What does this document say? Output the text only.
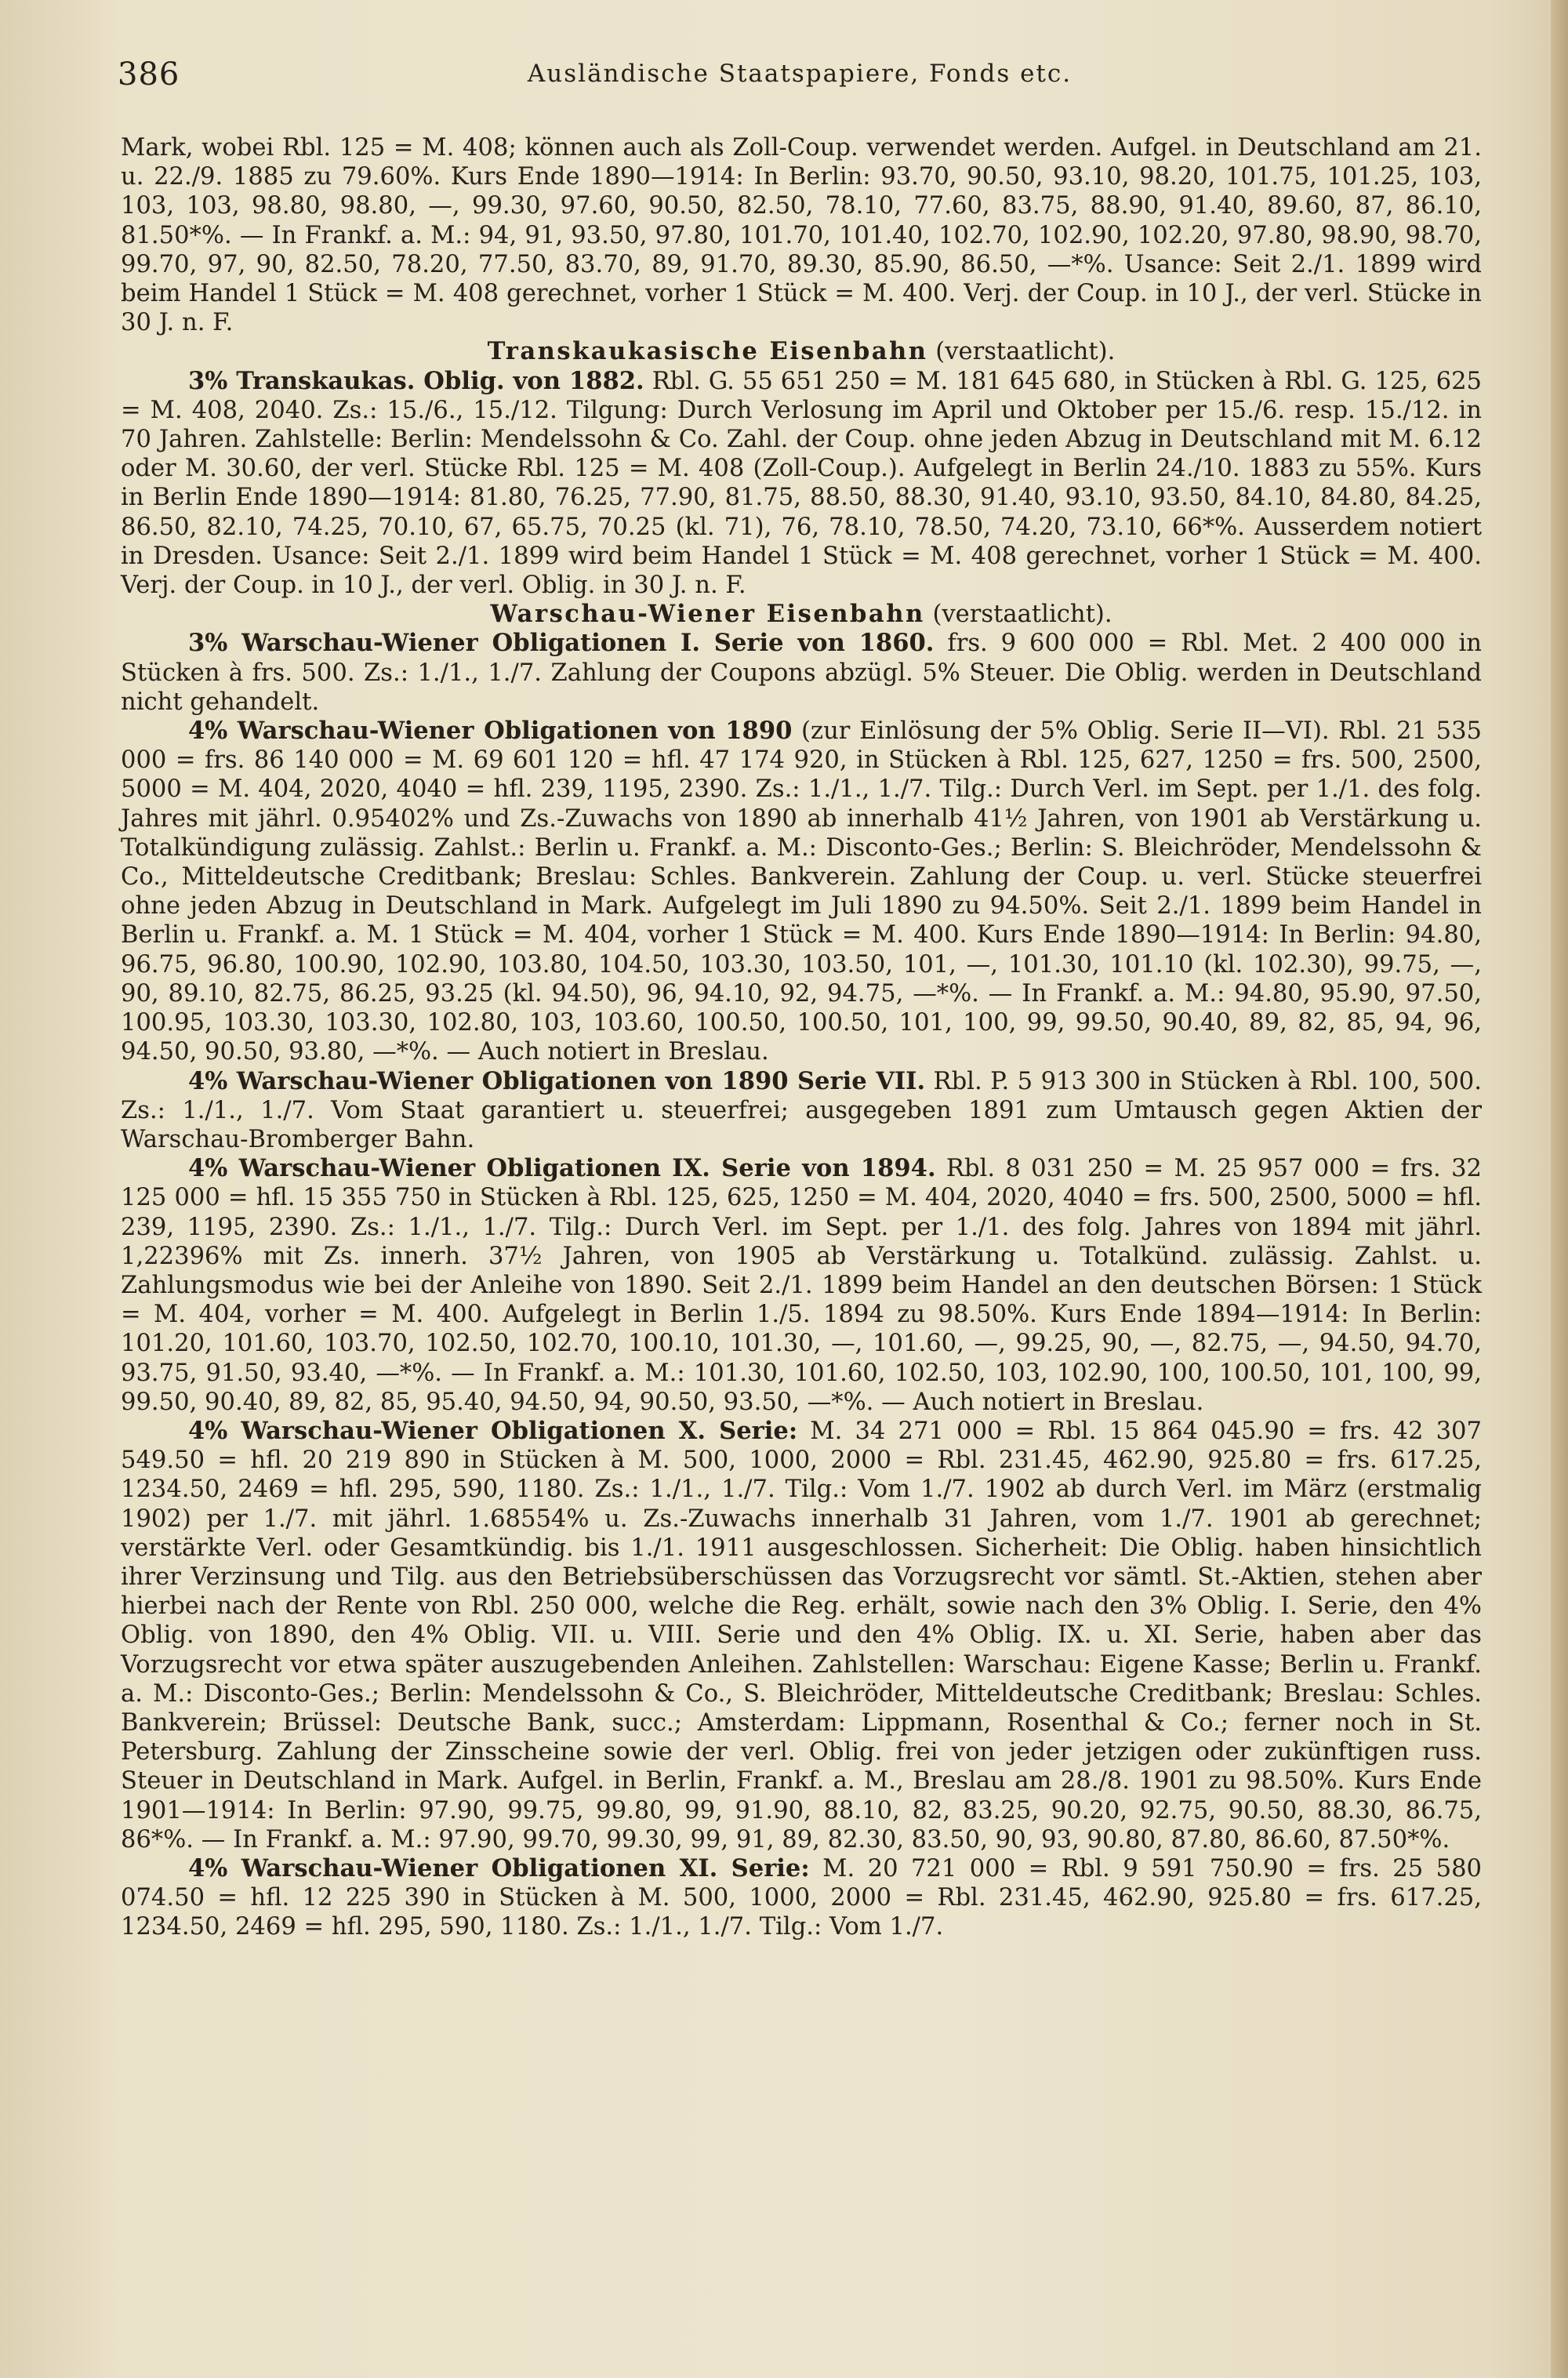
386	Ausländische Staatspapiere, Fonds etc.

Mark, wobei Rbl. 125 = M. 408; können auch als Zoll-Coup. verwendet werden. Aufgel. in Deutschland am 21. u. 22./9. 1885 zu 79.60%. Kurs Ende 1890—1914: In Berlin: 93.70, 90.50, 93.10, 98.20, 101.75, 101.25, 103, 103, 103, 98.80, 98.80, —, 99.30, 97.60, 90.50, 82.50, 78.10, 77.60, 83.75, 88.90, 91.40, 89.60, 87, 86.10, 81.50*%. — In Frankf. a. M.: 94, 91, 93.50, 97.80, 101.70, 101.40, 102.70, 102.90, 102.20, 97.80, 98.90, 98.70, 99.70, 97, 90, 82.50, 78.20, 77.50, 83.70, 89, 91.70, 89.30, 85.90, 86.50, —*%. Usance: Seit 2./1. 1899 wird beim Handel 1 Stück = M. 408 gerechnet, vorher 1 Stück = M. 400. Verj. der Coup. in 10 J., der verl. Stücke in 30 J. n. F.

Transkaukasische Eisenbahn (verstaatlicht).

3% Transkaukas. Oblig. von 1882. Rbl. G. 55 651 250 = M. 181 645 680, in Stücken à Rbl. G. 125, 625 = M. 408, 2040. Zs.: 15./6., 15./12. Tilgung: Durch Verlosung im April und Oktober per 15./6. resp. 15./12. in 70 Jahren. Zahlstelle: Berlin: Mendelssohn & Co. Zahl. der Coup. ohne jeden Abzug in Deutschland mit M. 6.12 oder M. 30.60, der verl. Stücke Rbl. 125 = M. 408 (Zoll-Coup.). Aufgelegt in Berlin 24./10. 1883 zu 55%. Kurs in Berlin Ende 1890—1914: 81.80, 76.25, 77.90, 81.75, 88.50, 88.30, 91.40, 93.10, 93.50, 84.10, 84.80, 84.25, 86.50, 82.10, 74.25, 70.10, 67, 65.75, 70.25 (kl. 71), 76, 78.10, 78.50, 74.20, 73.10, 66*%. Ausserdem notiert in Dresden. Usance: Seit 2./1. 1899 wird beim Handel 1 Stück = M. 408 gerechnet, vorher 1 Stück = M. 400. Verj. der Coup. in 10 J., der verl. Oblig. in 30 J. n. F.

Warschau-Wiener Eisenbahn (verstaatlicht).

3% Warschau-Wiener Obligationen I. Serie von 1860. frs. 9 600 000 = Rbl. Met. 2 400 000 in Stücken à frs. 500. Zs.: 1./1., 1./7. Zahlung der Coupons abzügl. 5% Steuer. Die Oblig. werden in Deutschland nicht gehandelt.

4% Warschau-Wiener Obligationen von 1890 (zur Einlösung der 5% Oblig. Serie II—VI). Rbl. 21 535 000 = frs. 86 140 000 = M. 69 601 120 = hfl. 47 174 920, in Stücken à Rbl. 125, 627, 1250 = frs. 500, 2500, 5000 = M. 404, 2020, 4040 = hfl. 239, 1195, 2390. Zs.: 1./1., 1./7. Tilg.: Durch Verl. im Sept. per 1./1. des folg. Jahres mit jährl. 0.95402% und Zs.-Zuwachs von 1890 ab innerhalb 41½ Jahren, von 1901 ab Verstärkung u. Totalkündigung zulässig. Zahlst.: Berlin u. Frankf. a. M.: Disconto-Ges.; Berlin: S. Bleichröder, Mendelssohn & Co., Mitteldeutsche Creditbank; Breslau: Schles. Bankverein. Zahlung der Coup. u. verl. Stücke steuerfrei ohne jeden Abzug in Deutschland in Mark. Aufgelegt im Juli 1890 zu 94.50%. Seit 2./1. 1899 beim Handel in Berlin u. Frankf. a. M. 1 Stück = M. 404, vorher 1 Stück = M. 400. Kurs Ende 1890—1914: In Berlin: 94.80, 96.75, 96.80, 100.90, 102.90, 103.80, 104.50, 103.30, 103.50, 101, —, 101.30, 101.10 (kl. 102.30), 99.75, —, 90, 89.10, 82.75, 86.25, 93.25 (kl. 94.50), 96, 94.10, 92, 94.75, —*%. — In Frankf. a. M.: 94.80, 95.90, 97.50, 100.95, 103.30, 103.30, 102.80, 103, 103.60, 100.50, 100.50, 101, 100, 99, 99.50, 90.40, 89, 82, 85, 94, 96, 94.50, 90.50, 93.80, —*%. — Auch notiert in Breslau.

4% Warschau-Wiener Obligationen von 1890 Serie VII. Rbl. P. 5 913 300 in Stücken à Rbl. 100, 500. Zs.: 1./1., 1./7. Vom Staat garantiert u. steuerfrei; ausgegeben 1891 zum Umtausch gegen Aktien der Warschau-Bromberger Bahn.

4% Warschau-Wiener Obligationen IX. Serie von 1894. Rbl. 8 031 250 = M. 25 957 000 = frs. 32 125 000 = hfl. 15 355 750 in Stücken à Rbl. 125, 625, 1250 = M. 404, 2020, 4040 = frs. 500, 2500, 5000 = hfl. 239, 1195, 2390. Zs.: 1./1., 1./7. Tilg.: Durch Verl. im Sept. per 1./1. des folg. Jahres von 1894 mit jährl. 1,22396% mit Zs. innerh. 37½ Jahren, von 1905 ab Verstärkung u. Totalkünd. zulässig. Zahlst. u. Zahlungsmodus wie bei der Anleihe von 1890. Seit 2./1. 1899 beim Handel an den deutschen Börsen: 1 Stück = M. 404, vorher = M. 400. Aufgelegt in Berlin 1./5. 1894 zu 98.50%. Kurs Ende 1894—1914: In Berlin: 101.20, 101.60, 103.70, 102.50, 102.70, 100.10, 101.30, —, 101.60, —, 99.25, 90, —, 82.75, —, 94.50, 94.70, 93.75, 91.50, 93.40, —*%. — In Frankf. a. M.: 101.30, 101.60, 102.50, 103, 102.90, 100, 100.50, 101, 100, 99, 99.50, 90.40, 89, 82, 85, 95.40, 94.50, 94, 90.50, 93.50, —*%. — Auch notiert in Breslau.

4% Warschau-Wiener Obligationen X. Serie: M. 34 271 000 = Rbl. 15 864 045.90 = frs. 42 307 549.50 = hfl. 20 219 890 in Stücken à M. 500, 1000, 2000 = Rbl. 231.45, 462.90, 925.80 = frs. 617.25, 1234.50, 2469 = hfl. 295, 590, 1180. Zs.: 1./1., 1./7. Tilg.: Vom 1./7. 1902 ab durch Verl. im März (erstmalig 1902) per 1./7. mit jährl. 1.68554% u. Zs.-Zuwachs innerhalb 31 Jahren, vom 1./7. 1901 ab gerechnet; verstärkte Verl. oder Gesamtkündig. bis 1./1. 1911 ausgeschlossen. Sicherheit: Die Oblig. haben hinsichtlich ihrer Verzinsung und Tilg. aus den Betriebsüberschüssen das Vorzugsrecht vor sämtl. St.-Aktien, stehen aber hierbei nach der Rente von Rbl. 250 000, welche die Reg. erhält, sowie nach den 3% Oblig. I. Serie, den 4% Oblig. von 1890, den 4% Oblig. VII. u. VIII. Serie und den 4% Oblig. IX. u. XI. Serie, haben aber das Vorzugsrecht vor etwa später auszugebenden Anleihen. Zahlstellen: Warschau: Eigene Kasse; Berlin u. Frankf. a. M.: Disconto-Ges.; Berlin: Mendelssohn & Co., S. Bleichröder, Mitteldeutsche Creditbank; Breslau: Schles. Bankverein; Brüssel: Deutsche Bank, succ.; Amsterdam: Lippmann, Rosenthal & Co.; ferner noch in St. Petersburg. Zahlung der Zinsscheine sowie der verl. Oblig. frei von jeder jetzigen oder zukünftigen russ. Steuer in Deutschland in Mark. Aufgel. in Berlin, Frankf. a. M., Breslau am 28./8. 1901 zu 98.50%. Kurs Ende 1901—1914: In Berlin: 97.90, 99.75, 99.80, 99, 91.90, 88.10, 82, 83.25, 90.20, 92.75, 90.50, 88.30, 86.75, 86*%. — In Frankf. a. M.: 97.90, 99.70, 99.30, 99, 91, 89, 82.30, 83.50, 90, 93, 90.80, 87.80, 86.60, 87.50*%.

4% Warschau-Wiener Obligationen XI. Serie: M. 20 721 000 = Rbl. 9 591 750.90 = frs. 25 580 074.50 = hfl. 12 225 390 in Stücken à M. 500, 1000, 2000 = Rbl. 231.45, 462.90, 925.80 = frs. 617.25, 1234.50, 2469 = hfl. 295, 590, 1180. Zs.: 1./1., 1./7. Tilg.: Vom 1./7.
